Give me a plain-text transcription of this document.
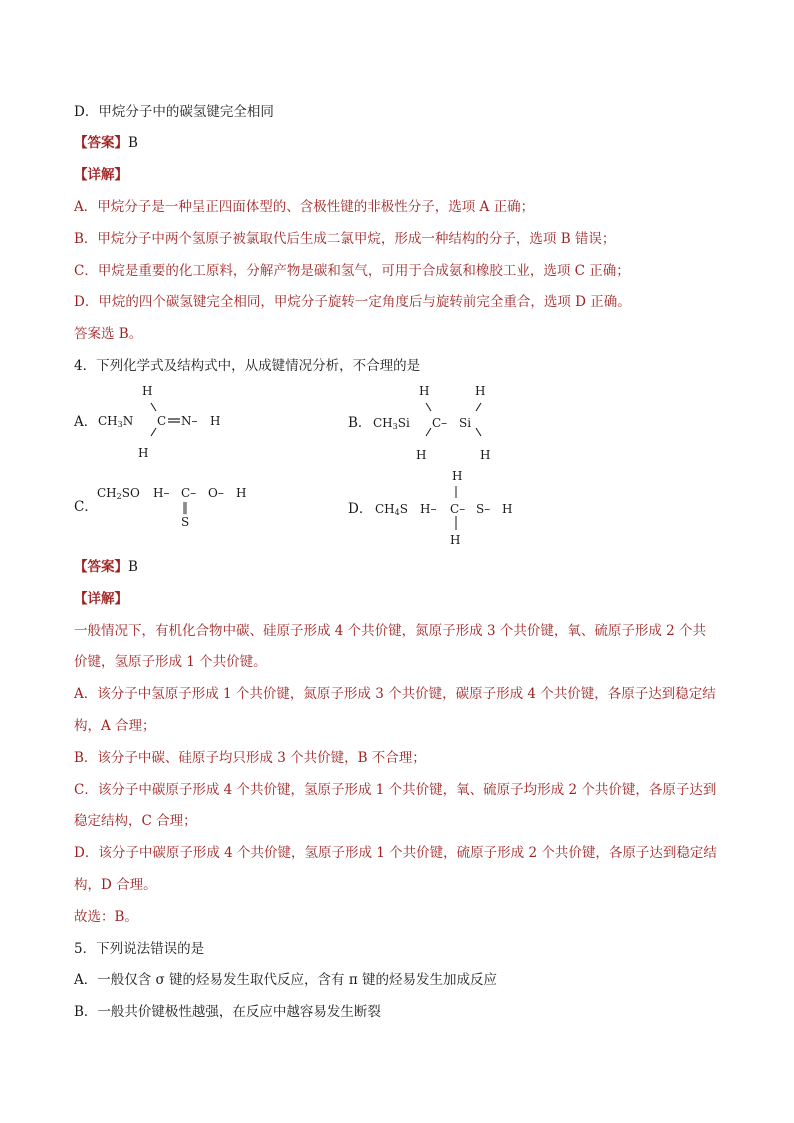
D．甲烷分子中的碳氢键完全相同
【答案】B
【详解】
A．甲烷分子是一种呈正四面体型的、含极性键的非极性分子，选项 A 正确；
B．甲烷分子中两个氢原子被氯取代后生成二氯甲烷，形成一种结构的分子，选项 B 错误；
C．甲烷是重要的化工原料，分解产物是碳和氢气，可用于合成氨和橡胶工业，选项 C 正确；
D．甲烷的四个碳氢键完全相同，甲烷分子旋转一定角度后与旋转前完全重合，选项 D 正确。
答案选 B。
4．下列化学式及结构式中，从成键情况分析，不合理的是
A． $CH_3N$
H
C N– H
H
B． $CH_3Si$
H	H
C– Si
H	H
C．
$CH_2SO$ H– C– O– H
‖
S
D． $CH_4S$
H
H– C– S– H
H
【答案】B
【详解】
一般情况下，有机化合物中碳、硅原子形成 4 个共价键，氮原子形成 3 个共价键，氧、硫原子形成 2 个共
价键，氢原子形成 1 个共价键。
A．该分子中氢原子形成 1 个共价键，氮原子形成 3 个共价键，碳原子形成 4 个共价键，各原子达到稳定结
构，A 合理；
B．该分子中碳、硅原子均只形成 3 个共价键，B 不合理；
C．该分子中碳原子形成 4 个共价键，氢原子形成 1 个共价键，氧、硫原子均形成 2 个共价键，各原子达到
稳定结构，C 合理；
D．该分子中碳原子形成 4 个共价键，氢原子形成 1 个共价键，硫原子形成 2 个共价键，各原子达到稳定结
构，D 合理。
故选：B。
5．下列说法错误的是
A．一般仅含 σ 键的烃易发生取代反应，含有 π 键的烃易发生加成反应
B．一般共价键极性越强，在反应中越容易发生断裂
